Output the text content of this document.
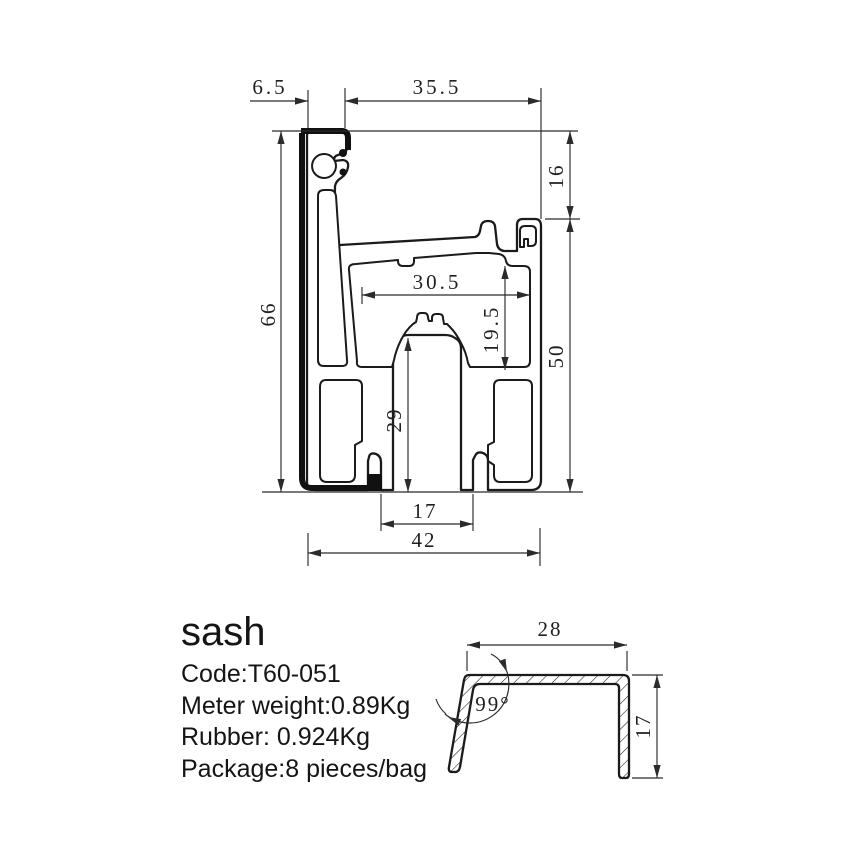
6.5	35.5
66
16
50
30.5
19.5
29
17
42
28
17
99°
sash
Code:T60-051
Meter weight:0.89Kg
Rubber: 0.924Kg
Package:8 pieces/bag
